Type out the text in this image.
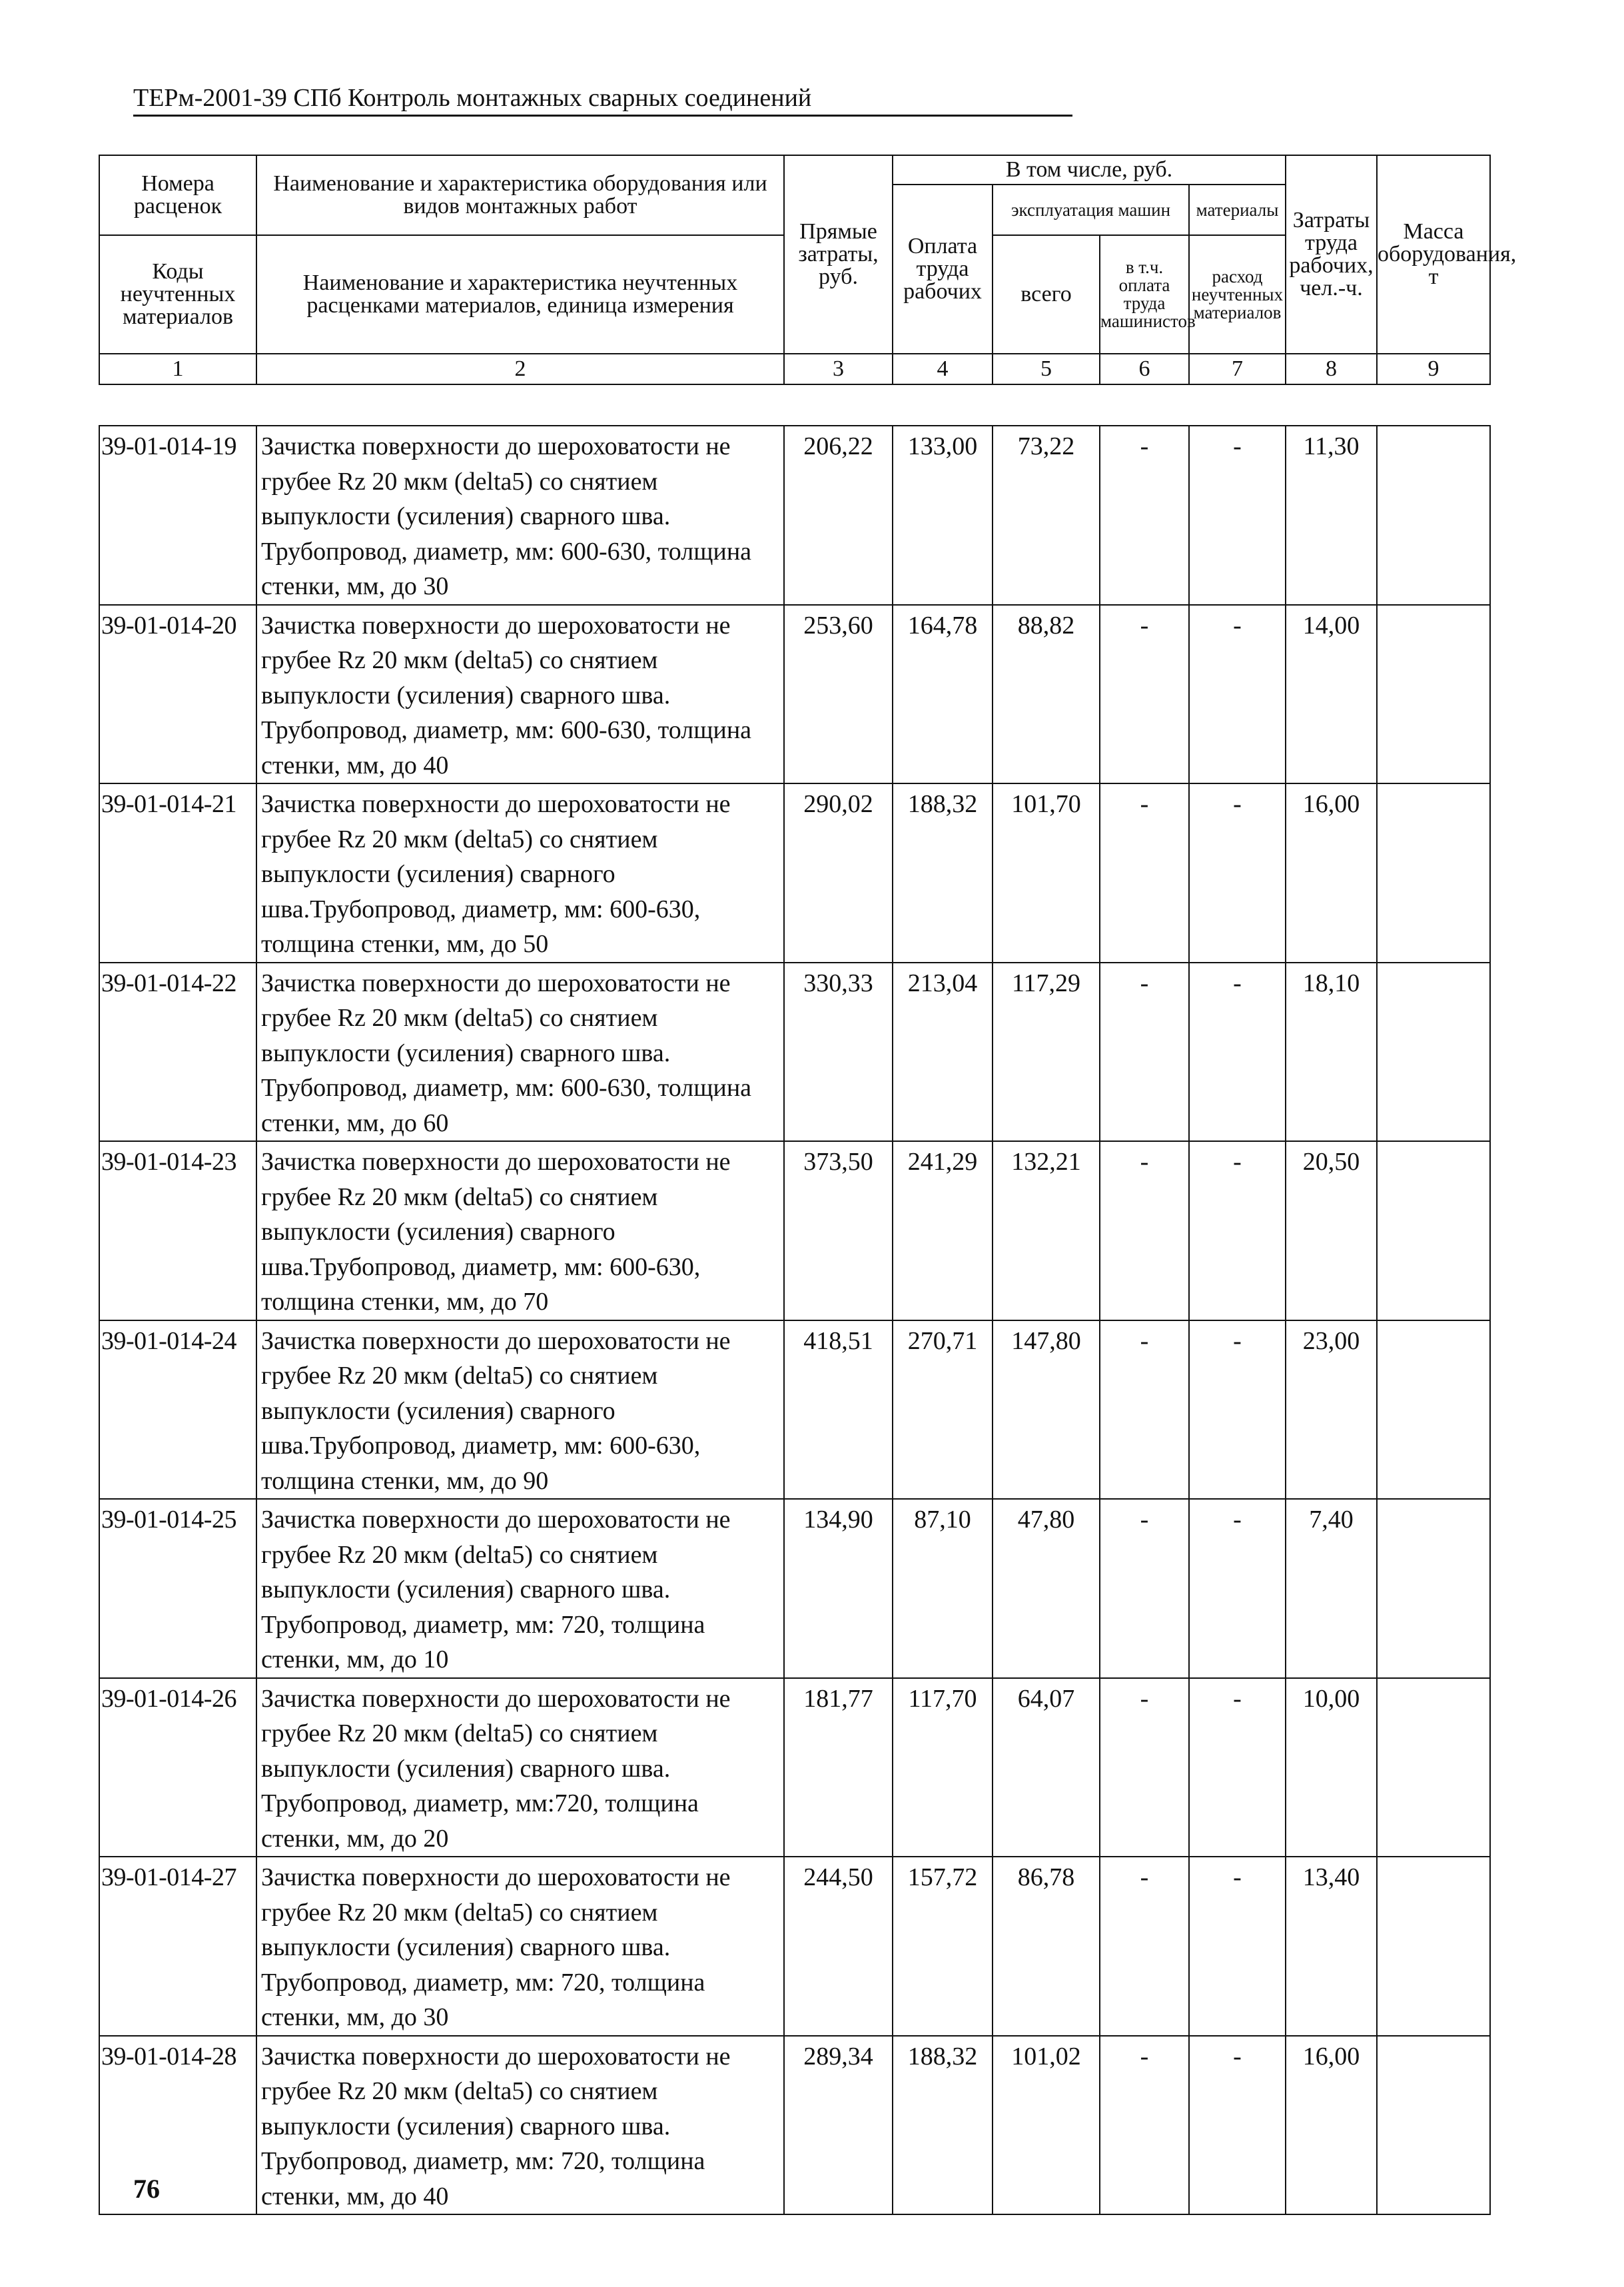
ТЕРм-2001-39 СПб Контроль монтажных сварных соединений
Номера расценок	Наименование и характеристика оборудования или видов монтажных работ	Прямые затраты, руб.	В том числе, руб.				Затраты труда рабочих, чел.-ч.	Масса оборудования, т
			Оплата труда рабочих	эксплуатация машин		материалы		
Коды неучтенных материалов	Наименование и характеристика неучтенных расценками материалов, единица измерения			всего	в т.ч. оплата труда машинистов	расход неучтенных материалов		

1	2	3	4	5	6	7	8	9
39-01-014-19	Зачистка поверхности до шероховатости не грубее Rz 20 мкм (delta5) со снятием выпуклости (усиления) сварного шва. Трубопровод, диаметр, мм: 600-630, толщина стенки, мм, до 30	206,22	133,00	73,22	-	-	11,30	
39-01-014-20	Зачистка поверхности до шероховатости не грубее Rz 20 мкм (delta5) со снятием выпуклости (усиления) сварного шва. Трубопровод, диаметр, мм: 600-630, толщина стенки, мм, до 40	253,60	164,78	88,82	-	-	14,00	
39-01-014-21	Зачистка поверхности до шероховатости не грубее Rz 20 мкм (delta5) со снятием выпуклости (усиления) сварного шва.Трубопровод, диаметр, мм: 600-630, толщина стенки, мм, до 50	290,02	188,32	101,70	-	-	16,00	
39-01-014-22	Зачистка поверхности до шероховатости не грубее Rz 20 мкм (delta5) со снятием выпуклости (усиления) сварного шва. Трубопровод, диаметр, мм: 600-630, толщина стенки, мм, до 60	330,33	213,04	117,29	-	-	18,10	
39-01-014-23	Зачистка поверхности до шероховатости не грубее Rz 20 мкм (delta5) со снятием выпуклости (усиления) сварного шва.Трубопровод, диаметр, мм: 600-630, толщина стенки, мм, до 70	373,50	241,29	132,21	-	-	20,50	
39-01-014-24	Зачистка поверхности до шероховатости не грубее Rz 20 мкм (delta5) со снятием выпуклости (усиления) сварного шва.Трубопровод, диаметр, мм: 600-630, толщина стенки, мм, до 90	418,51	270,71	147,80	-	-	23,00	
39-01-014-25	Зачистка поверхности до шероховатости не грубее Rz 20 мкм (delta5) со снятием выпуклости (усиления) сварного шва. Трубопровод, диаметр, мм: 720, толщина стенки, мм, до 10	134,90	87,10	47,80	-	-	7,40	
39-01-014-26	Зачистка поверхности до шероховатости не грубее Rz 20 мкм (delta5) со снятием выпуклости (усиления) сварного шва. Трубопровод, диаметр, мм:720, толщина стенки, мм, до 20	181,77	117,70	64,07	-	-	10,00	
39-01-014-27	Зачистка поверхности до шероховатости не грубее Rz 20 мкм (delta5) со снятием выпуклости (усиления) сварного шва. Трубопровод, диаметр, мм: 720, толщина стенки, мм, до 30	244,50	157,72	86,78	-	-	13,40	
39-01-014-28	Зачистка поверхности до шероховатости не грубее Rz 20 мкм (delta5) со снятием выпуклости (усиления) сварного шва. Трубопровод, диаметр, мм: 720, толщина стенки, мм, до 40	289,34	188,32	101,02	-	-	16,00	
76
